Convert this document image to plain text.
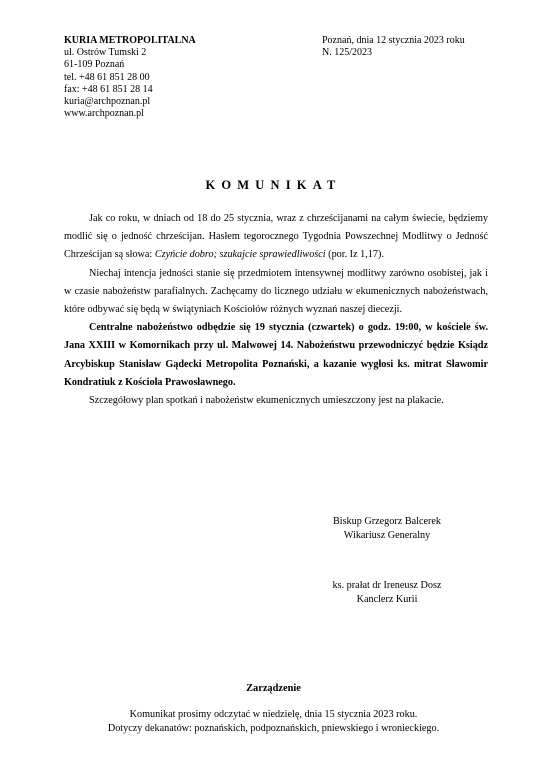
KURIA METROPOLITALNA
ul. Ostrów Tumski 2
61-109 Poznań
tel. +48 61 851 28 00
fax: +48 61 851 28 14
kuria@archpoznan.pl
www.archpoznan.pl
Poznań, dnia 12 stycznia 2023 roku
N. 125/2023
KOMUNIKAT

Jak co roku, w dniach od 18 do 25 stycznia, wraz z chrześcijanami na całym świecie, będziemy modlić się o jedność chrześcijan. Hasłem tegorocznego Tygodnia Powszechnej Modlitwy o Jedność Chrześcijan są słowa: Czyńcie dobro; szukajcie sprawiedliwości (por. Iz 1,17).

Niechaj intencja jedności stanie się przedmiotem intensywnej modlitwy zarówno osobistej, jak i w czasie nabożeństw parafialnych. Zachęcamy do licznego udziału w ekumenicznych nabożeństwach, które odbywać się będą w świątyniach Kościołów różnych wyznań naszej diecezji.

Centralne nabożeństwo odbędzie się 19 stycznia (czwartek) o godz. 19:00, w kościele św. Jana XXIII w Komornikach przy ul. Malwowej 14. Nabożeństwu przewodniczyć będzie Ksiądz Arcybiskup Stanisław Gądecki Metropolita Poznański, a kazanie wygłosi ks. mitrat Sławomir Kondratiuk z Kościoła Prawosławnego.

Szczegółowy plan spotkań i nabożeństw ekumenicznych umieszczony jest na plakacie.

Biskup Grzegorz Balcerek
Wikariusz Generalny
ks. prałat dr Ireneusz Dosz
Kanclerz Kurii
Zarządzenie
Komunikat prosimy odczytać w niedzielę, dnia 15 stycznia 2023 roku.
Dotyczy dekanatów: poznańskich, podpoznańskich, pniewskiego i wronieckiego.
